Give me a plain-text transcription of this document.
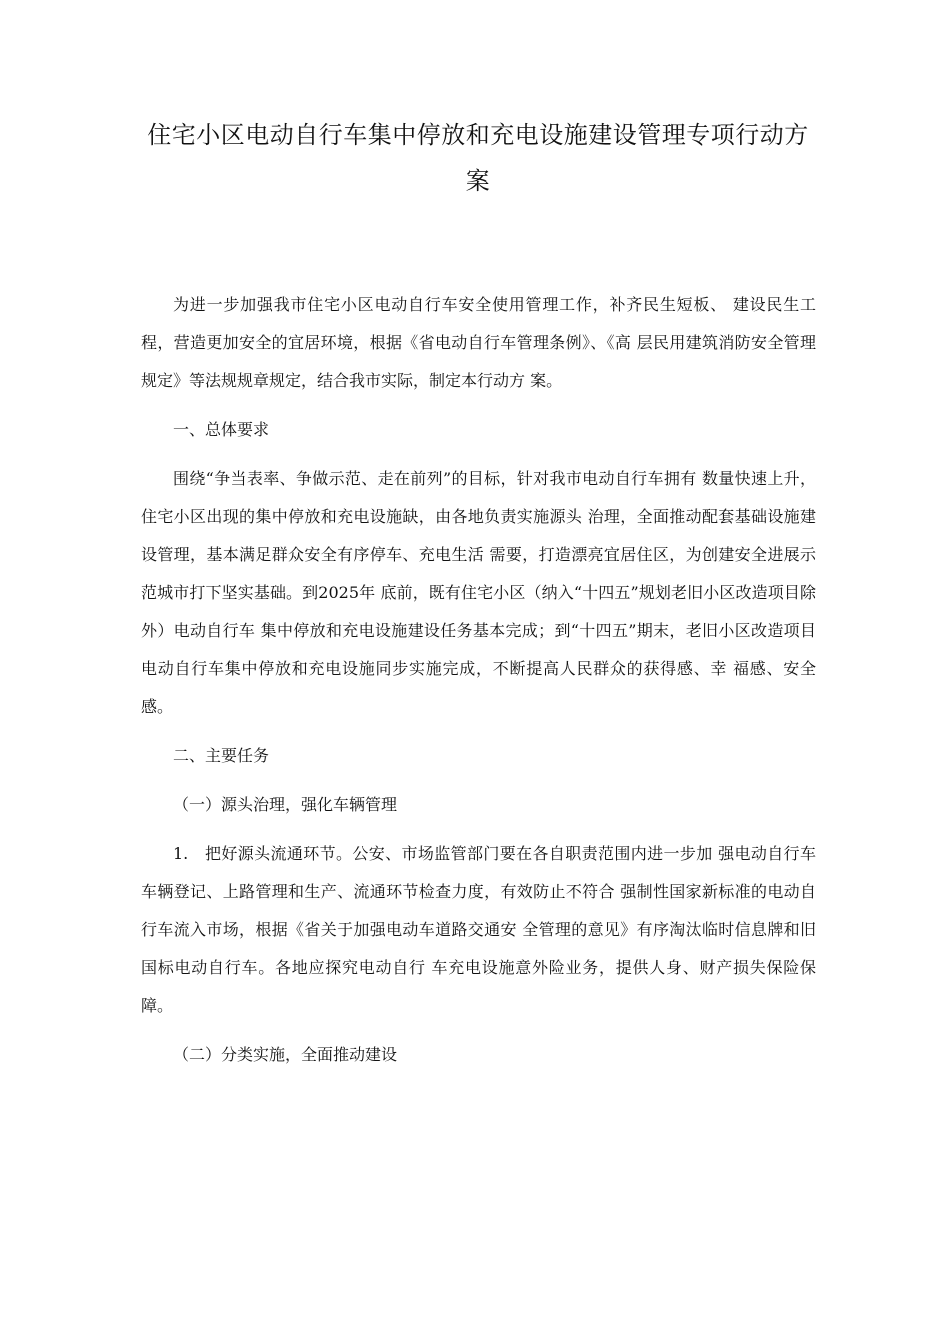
住宅小区电动自行车集中停放和充电设施建设管理专项行动方案

为进一步加强我市住宅小区电动自行车安全使用管理工作，补齐民生短板、 建设民生工程，营造更加安全的宜居环境，根据《省电动自行车管理条例》、《高 层民用建筑消防安全管理规定》等法规规章规定，结合我市实际，制定本行动方 案。

一、总体要求

围绕“争当表率、争做示范、走在前列”的目标，针对我市电动自行车拥有 数量快速上升，住宅小区出现的集中停放和充电设施缺，由各地负责实施源头 治理，全面推动配套基础设施建设管理，基本满足群众安全有序停车、充电生活 需要，打造漂亮宜居住区，为创建安全进展示范城市打下坚实基础。到2025年 底前，既有住宅小区（纳入“十四五”规划老旧小区改造项目除外）电动自行车 集中停放和充电设施建设任务基本完成；到“十四五”期末，老旧小区改造项目 电动自行车集中停放和充电设施同步实施完成，不断提高人民群众的获得感、幸 福感、安全感。

二、主要任务

（一）源头治理，强化车辆管理

1.　把好源头流通环节。公安、市场监管部门要在各自职责范围内进一步加 强电动自行车车辆登记、上路管理和生产、流通环节检查力度，有效防止不符合 强制性国家新标准的电动自行车流入市场，根据《省关于加强电动车道路交通安 全管理的意见》有序淘汰临时信息牌和旧国标电动自行车。各地应探究电动自行 车充电设施意外险业务，提供人身、财产损失保险保障。

（二）分类实施，全面推动建设
